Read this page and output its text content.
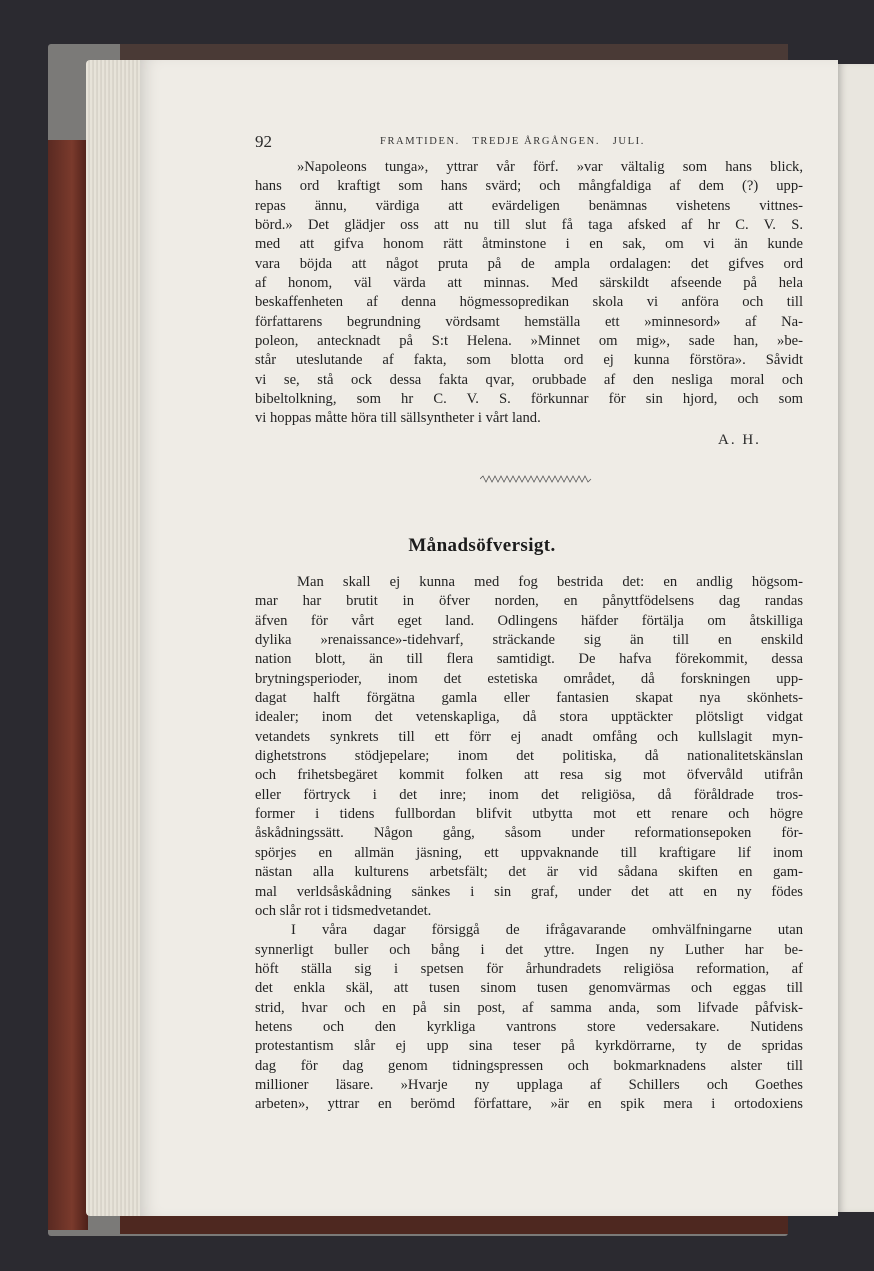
92	FRAMTIDEN.   TREDJE ÅRGÅNGEN.   JULI.
»Napoleons tunga», yttrar vår förf. »var vältalig som hans blick,
hans ord kraftigt som hans svärd; och mångfaldiga af dem (?) upp-
repas ännu, värdiga att evärdeligen benämnas vishetens vittnes-
börd.» Det glädjer oss att nu till slut få taga afsked af hr C. V. S.
med att gifva honom rätt åtminstone i en sak, om vi än kunde
vara böjda att något pruta på de ampla ordalagen: det gifves ord
af honom, väl värda att minnas. Med särskildt afseende på hela
beskaffenheten af denna högmessopredikan skola vi anföra och till
författarens begrundning vördsamt hemställa ett »minnesord» af Na-
poleon, antecknadt på S:t Helena. »Minnet om mig», sade han, »be-
står uteslutande af fakta, som blotta ord ej kunna förstöra». Såvidt
vi se, stå ock dessa fakta qvar, orubbade af den nesliga moral och
bibeltolkning, som hr C. V. S. förkunnar för sin hjord, och som
vi hoppas måtte höra till sällsyntheter i vårt land.
A. H.
Månadsöfversigt.
Man skall ej kunna med fog bestrida det: en andlig högsom-
mar har brutit in öfver norden, en pånyttfödelsens dag randas
äfven för vårt eget land. Odlingens häfder förtälja om åtskilliga
dylika »renaissance»-tidehvarf, sträckande sig än till en enskild
nation blott, än till flera samtidigt. De hafva förekommit, dessa
brytningsperioder, inom det estetiska området, då forskningen upp-
dagat halft förgätna gamla eller fantasien skapat nya skönhets-
idealer; inom det vetenskapliga, då stora upptäckter plötsligt vidgat
vetandets synkrets till ett förr ej anadt omfång och kullslagit myn-
dighetstrons stödjepelare; inom det politiska, då nationalitetskänslan
och frihetsbegäret kommit folken att resa sig mot öfvervåld utifrån
eller förtryck i det inre; inom det religiösa, då föråldrade tros-
former i tidens fullbordan blifvit utbytta mot ett renare och högre
åskådningssätt. Någon gång, såsom under reformationsepoken för-
spörjes en allmän jäsning, ett uppvaknande till kraftigare lif inom
nästan alla kulturens arbetsfält; det är vid sådana skiften en gam-
mal verldsåskådning sänkes i sin graf, under det att en ny födes
och slår rot i tidsmedvetandet.
I våra dagar försiggå de ifrågavarande omhvälfningarne utan
synnerligt buller och bång i det yttre. Ingen ny Luther har be-
höft ställa sig i spetsen för århundradets religiösa reformation, af
det enkla skäl, att tusen sinom tusen genomvärmas och eggas till
strid, hvar och en på sin post, af samma anda, som lifvade påfvisk-
hetens och den kyrkliga vantrons store vedersakare. Nutidens
protestantism slår ej upp sina teser på kyrkdörrarne, ty de spridas
dag för dag genom tidningspressen och bokmarknadens alster till
millioner läsare. »Hvarje ny upplaga af Schillers och Goethes
arbeten», yttrar en berömd författare, »är en spik mera i ortodoxiens
